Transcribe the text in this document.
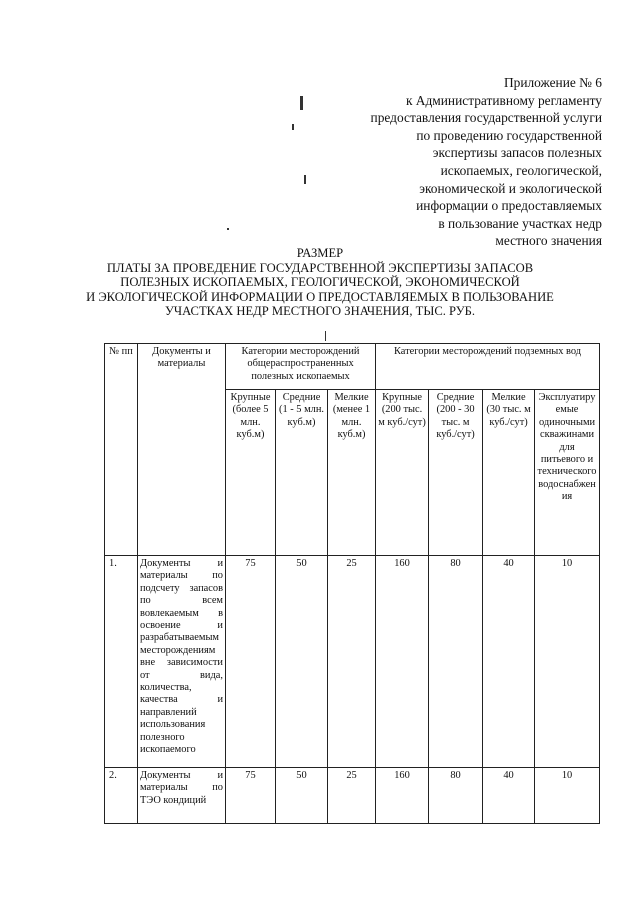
Приложение № 6
к Административному регламенту
предоставления государственной услуги
по проведению государственной
экспертизы запасов полезных
ископаемых, геологической,
экономической и экологической
информации о предоставляемых
в пользование участках недр
местного значения
РАЗМЕР
ПЛАТЫ ЗА ПРОВЕДЕНИЕ ГОСУДАРСТВЕННОЙ ЭКСПЕРТИЗЫ ЗАПАСОВ
ПОЛЕЗНЫХ ИСКОПАЕМЫХ, ГЕОЛОГИЧЕСКОЙ, ЭКОНОМИЧЕСКОЙ
И ЭКОЛОГИЧЕСКОЙ ИНФОРМАЦИИ О ПРЕДОСТАВЛЯЕМЫХ В ПОЛЬЗОВАНИЕ
УЧАСТКАХ НЕДР МЕСТНОГО ЗНАЧЕНИЯ, ТЫС. РУБ.
№ пп	Документы и материалы	Категории месторождений общераспространенных полезных ископаемых			Категории месторождений подземных вод			
		Крупные (более 5 млн. куб.м)	Средние (1 - 5 млн. куб.м)	Мелкие (менее 1 млн. куб.м)	Крупные (200 тыс. м куб./сут)	Средние (200 - 30 тыс. м куб./сут)	Мелкие (30 тыс. м куб./сут)	Эксплуатируемые одиночными скважинами для питьевого и технического водоснабжения
1.	Документы и материалы по подсчету запасов по всем вовлекаемым в освоение и разрабатываемым месторождениям вне зависимости от вида, количества, качества и направлений использования полезного ископаемого	75	50	25	160	80	40	10
2.	Документы и материалы по ТЭО кондиций	75	50	25	160	80	40	10
